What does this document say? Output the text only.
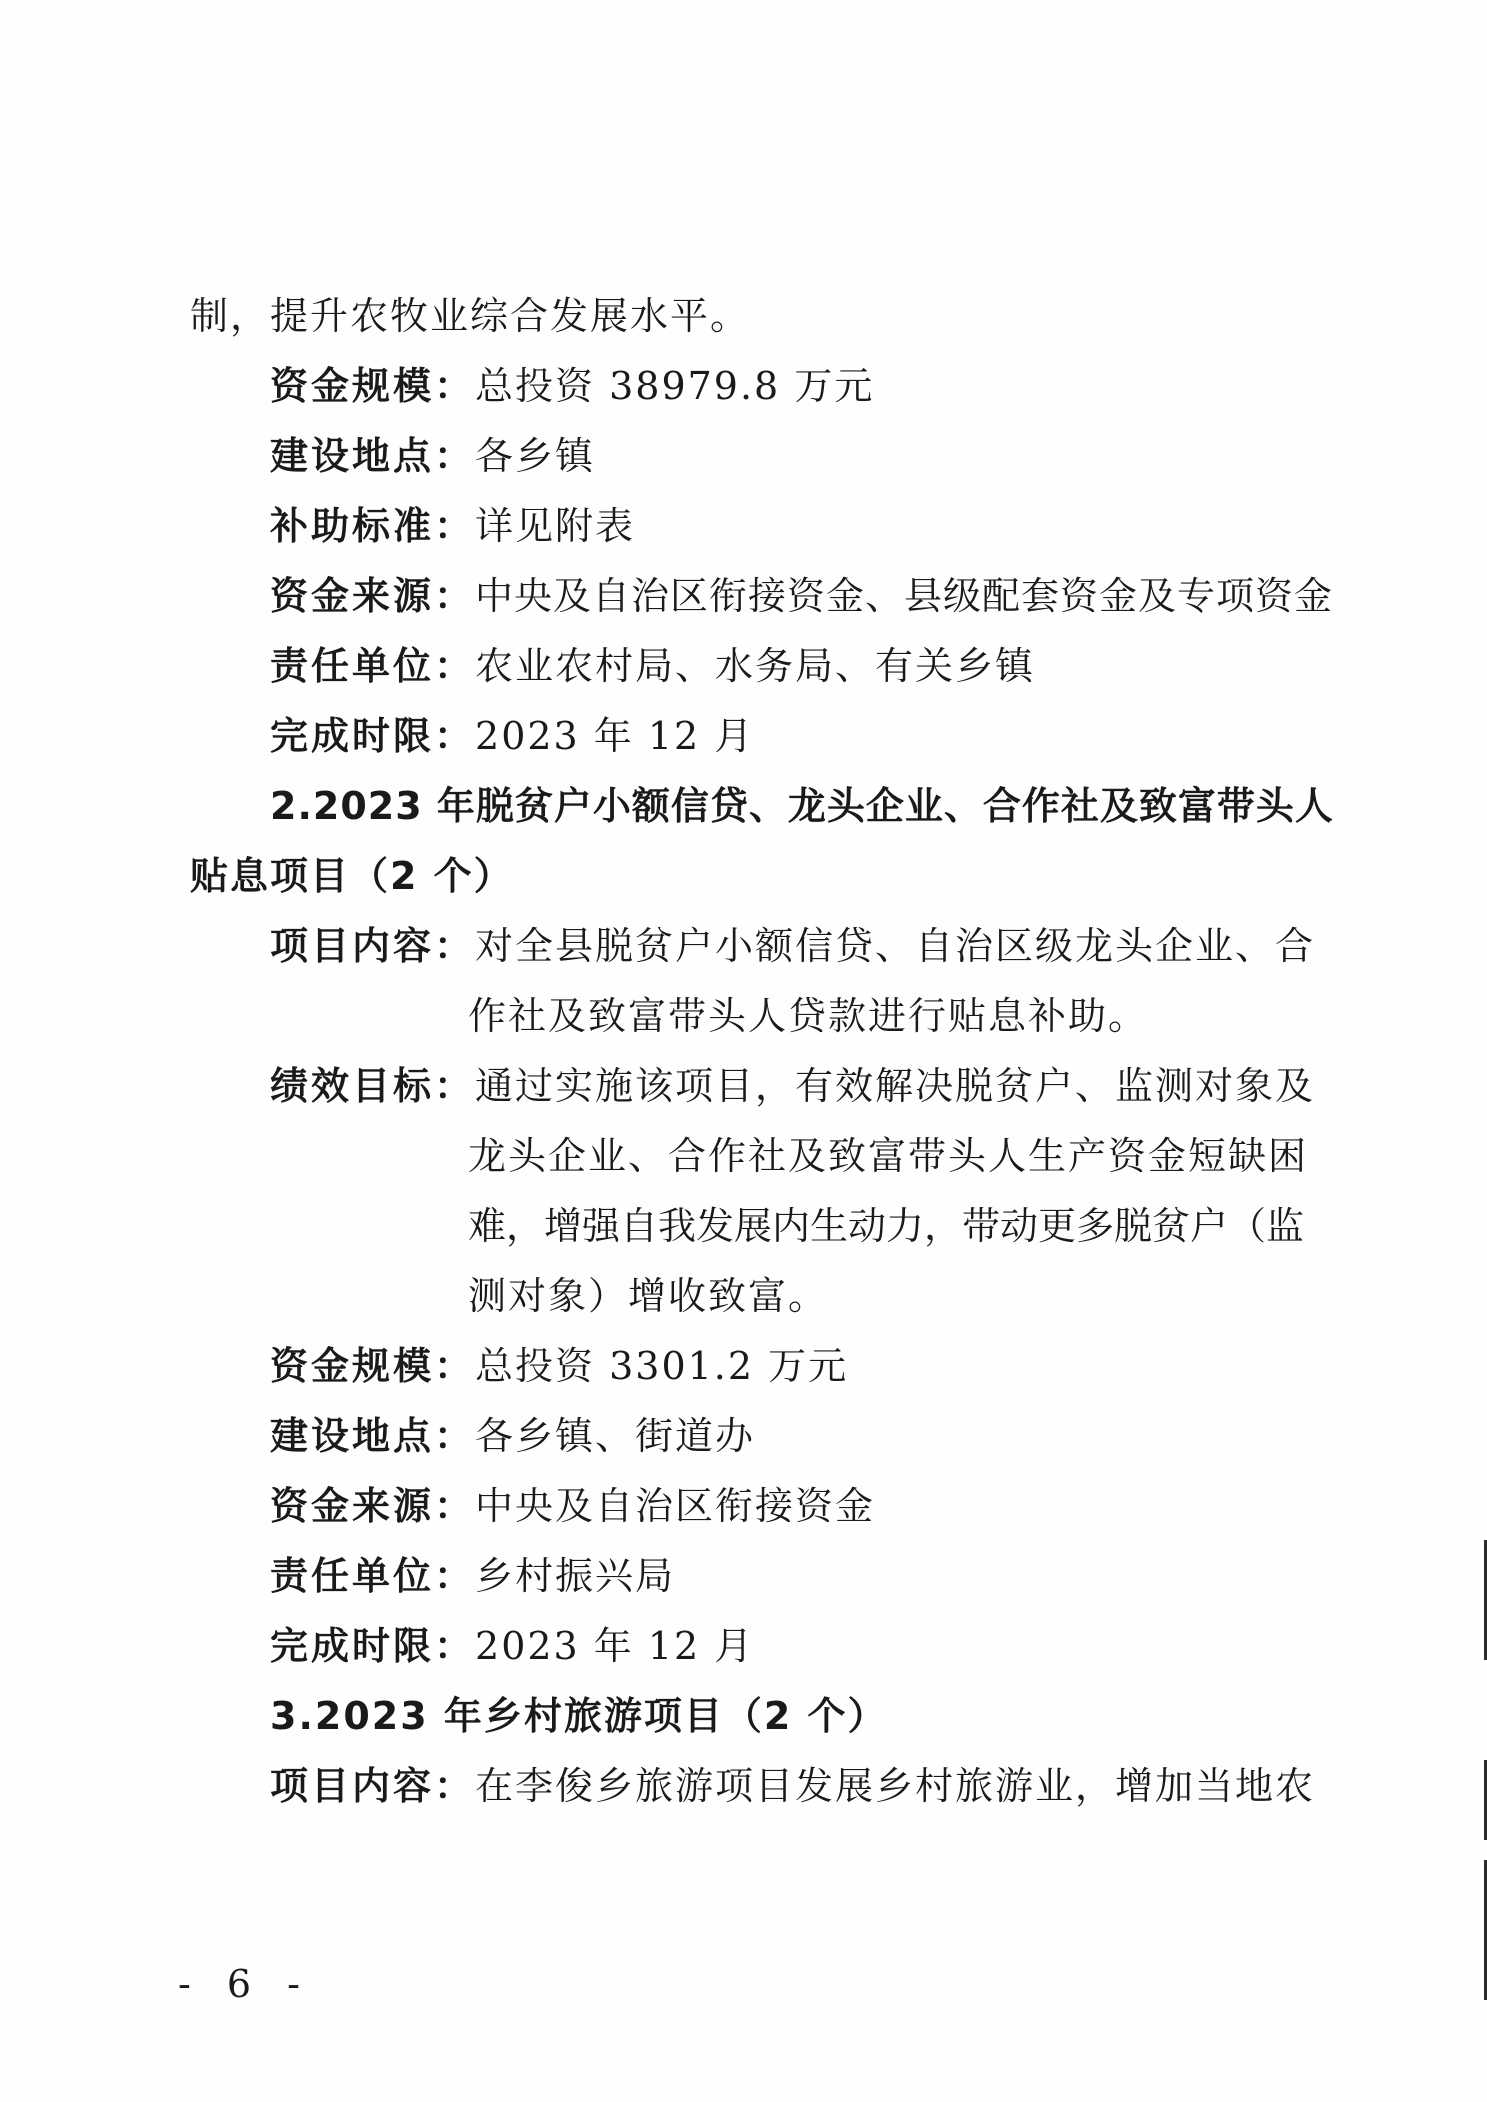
制，提升农牧业综合发展水平。
资金规模：总投资 38979.8 万元
建设地点：各乡镇
补助标准：详见附表
资金来源：中央及自治区衔接资金、县级配套资金及专项资金
责任单位：农业农村局、水务局、有关乡镇
完成时限：2023 年 12 月
2.2023 年脱贫户小额信贷、龙头企业、合作社及致富带头人
贴息项目（2 个）
项目内容：对全县脱贫户小额信贷、自治区级龙头企业、合
作社及致富带头人贷款进行贴息补助。
绩效目标：通过实施该项目，有效解决脱贫户、监测对象及
龙头企业、合作社及致富带头人生产资金短缺困
难，增强自我发展内生动力，带动更多脱贫户（监
测对象）增收致富。
资金规模：总投资 3301.2 万元
建设地点：各乡镇、街道办
资金来源：中央及自治区衔接资金
责任单位：乡村振兴局
完成时限：2023 年 12 月
3.2023 年乡村旅游项目（2 个）
项目内容：在李俊乡旅游项目发展乡村旅游业，增加当地农
- 6 -
